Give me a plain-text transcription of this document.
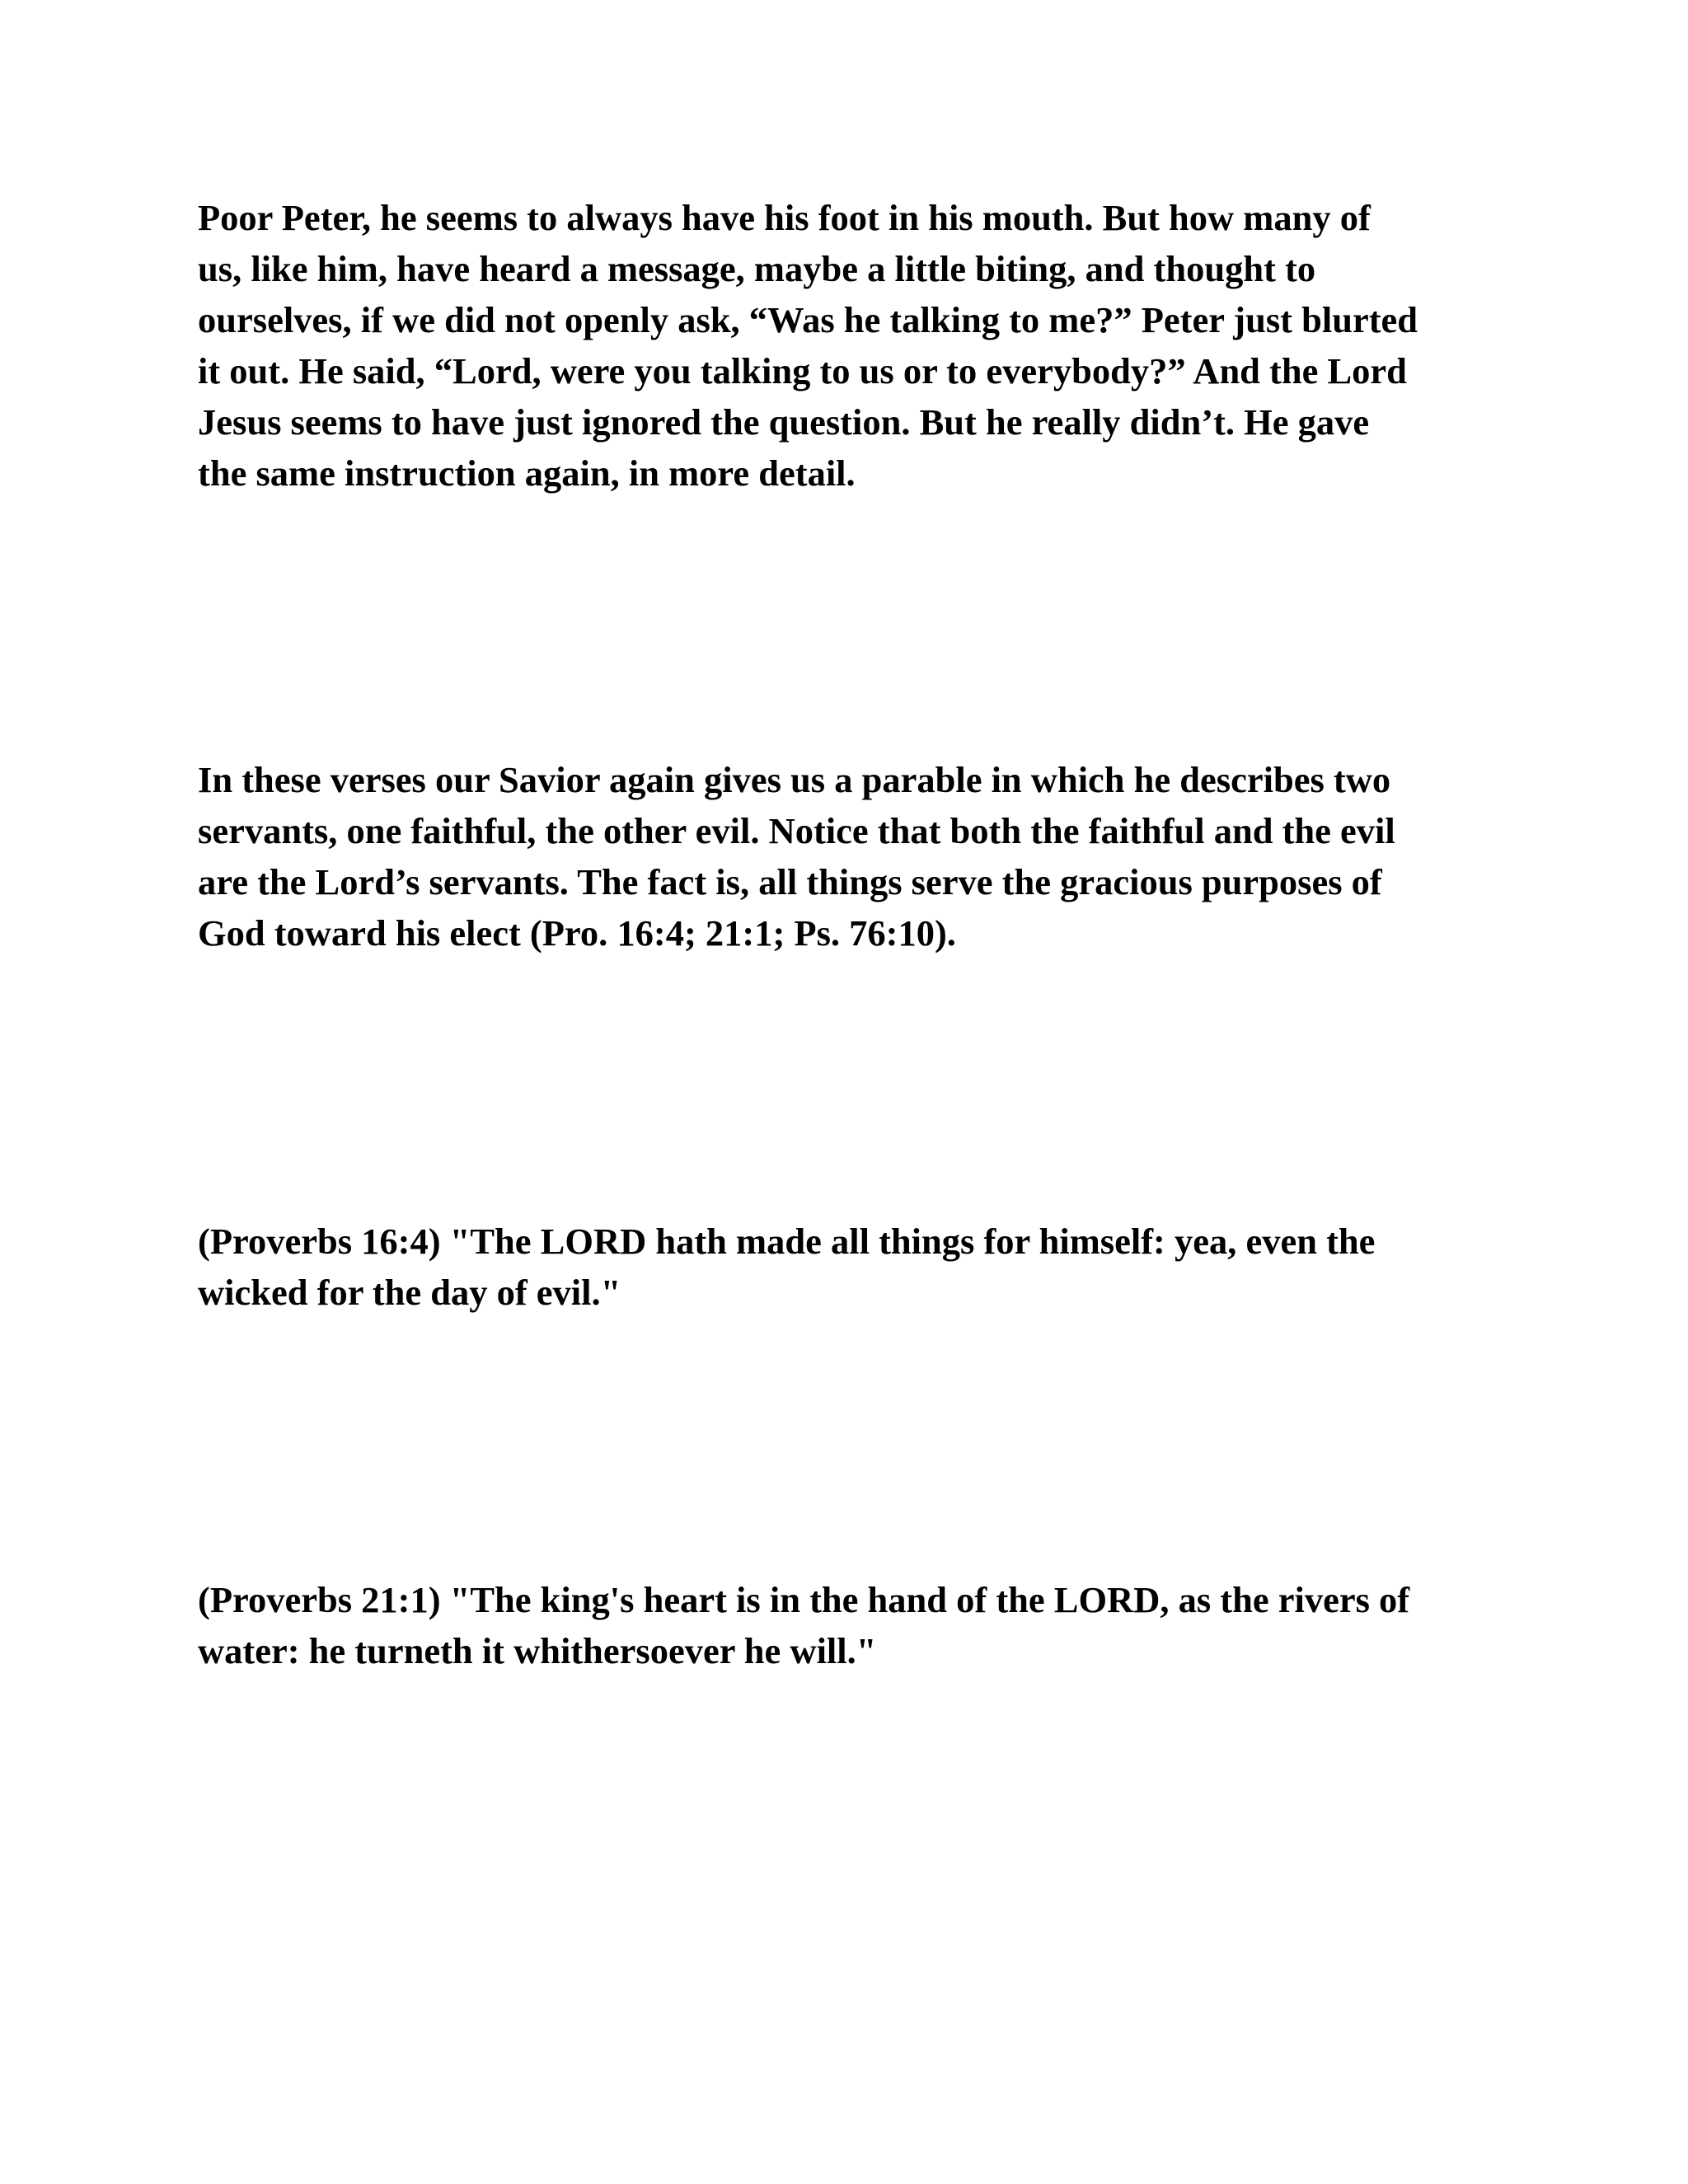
Poor Peter, he seems to always have his foot in his mouth. But how many of
us, like him, have heard a message, maybe a little biting, and thought to
ourselves, if we did not openly ask, “Was he talking to me?” Peter just blurted
it out. He said, “Lord, were you talking to us or to everybody?” And the Lord
Jesus seems to have just ignored the question. But he really didn’t. He gave
the same instruction again, in more detail.

In these verses our Savior again gives us a parable in which he describes two
servants, one faithful, the other evil. Notice that both the faithful and the evil
are the Lord’s servants. The fact is, all things serve the gracious purposes of
God toward his elect (Pro. 16:4; 21:1; Ps. 76:10).

(Proverbs 16:4) "The LORD hath made all things for himself: yea, even the
wicked for the day of evil."

(Proverbs 21:1) "The king's heart is in the hand of the LORD, as the rivers of
water: he turneth it whithersoever he will."
